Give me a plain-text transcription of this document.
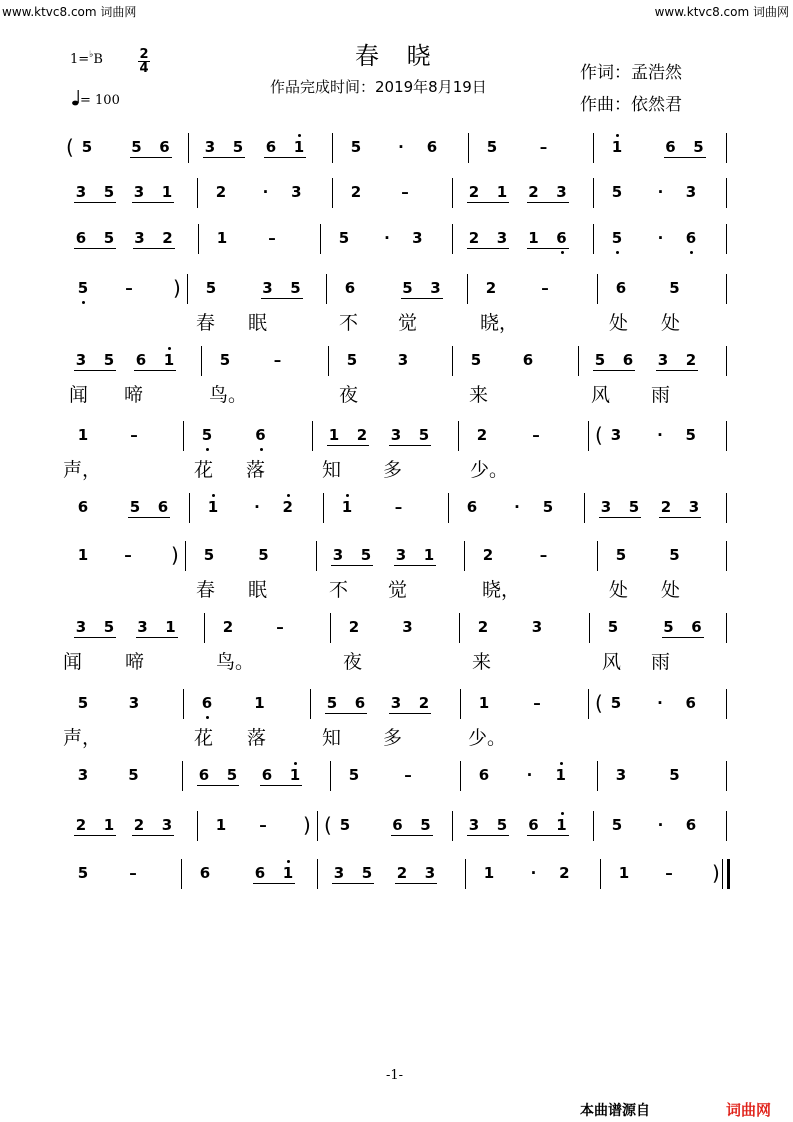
www.ktvc8.com 词曲网	www.ktvc8.com 词曲网
1=♭B	$\frac{2}{4}$
= 100
春 晓
作品完成时间：2019年8月19日
作词：孟浩然
作曲：依然君
( 5	5 6 3 5 6 1	5	·	6	5	–	1	6 5
3 5 3 1	2	·	3	2	–	2 1 2 3	5	·	3
6 5 3 2	1	–	5	·	3	2 3 1 6	5	·	6
5	– ) 5	3 5	6	5 3	2	–	6	5
春	眠	不	觉	晓，	处	处
3 5 6 1	5	–	5	3	5	6	5 6 3 2
闻	啼	鸟。	夜	来	风	雨
1	–	5	6	1 2 3 5	2	–	( 3	·	5
声，	花	落	知	多	少。
6	5 6	1	·	2	1	–	6	·	5	3 5 2 3
1	– ) 5	5	3 5 3 1	2	–	5	5
春	眠	不	觉	晓，	处	处
3 5 3 1	2	–	2	3	2	3	5	5 6
闻	啼	鸟。	夜	来	风	雨
5	3	6	1	5 6 3 2	1	–	( 5	·	6
声，	花	落	知	多	少。
3	5	6 5 6 1	5	–	6	·	1	3	5
2 1 2 3	1	– ) ( 5	6 5	3 5 6 1	5	·	6
5	–	6	6 1	3 5 2 3	1	·	2	1	– )
-1-
本曲谱源自	词曲网
